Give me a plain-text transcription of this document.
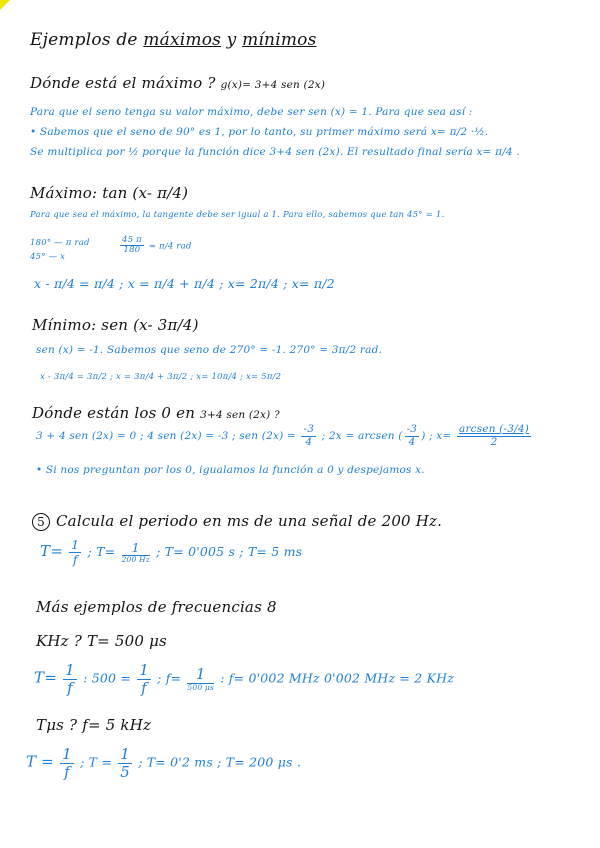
Ejemplos de máximos y mínimos
Dónde está el máximo ? g(x)= 3+4 sen (2x)
Para que el seno tenga su valor máximo, debe ser sen (x) = 1. Para que sea así :
• Sabemos que el seno de 90° es 1, por lo tanto, su primer máximo será x= π/2 ·½.
Se multiplica por ½ porque la función dice 3+4 sen (2x). El resultado final sería x= π/4 .
Máximo: tan (x- π/4)
Para que sea el máximo, la tangente debe ser igual a 1. Para ello, sabemos que tan 45° = 1.
180° — π rad
45° — x
$\frac{45 \pi}{180} = \pi/4$ rad
x - π/4 = π/4 ; x = π/4 + π/4 ; x= 2π/4 ; x= π/2
Mínimo: sen (x- 3π/4)
sen (x) = -1. Sabemos que seno de 270° = -1. 270° = 3π/2 rad.
x - 3π/4 = 3π/2 ; x = 3π/4 + 3π/2 ; x= 10π/4 ; x= 5π/2
Dónde están los 0 en 3+4 sen (2x) ?
3 + 4 sen (2x) = 0 ; 4 sen (2x) = -3 ; sen $(2x) = \frac{-3}{4}$ ; 2x = arcsen ( $\frac{-3}{4}$ ) ; $x= \frac{\text{arcsen (-3/4)}}{2}$
• Si nos preguntan por los 0, igualamos la función a 0 y despejamos x.
5 Calcula el periodo en ms de una señal de 200 Hz.
$T= \frac{1}{f}$ ; $T= \frac{1}{200 Hz}$ ; T= 0'005 s ; T= 5 ms
Más ejemplos de frecuencias 8
KHz ? T= 500 μs
$T= \frac{1}{f}$ : $500 = \frac{1}{f}$ ; $f= \frac{1}{500 \mu s}$ : f= 0'002 MHz 0'002 MHz = 2 KHz
Tμs ? f= 5 kHz
$T = \frac{1}{f}$ ; $T = \frac{1}{5}$ ; T= 0'2 ms ; T= 200 μs .
